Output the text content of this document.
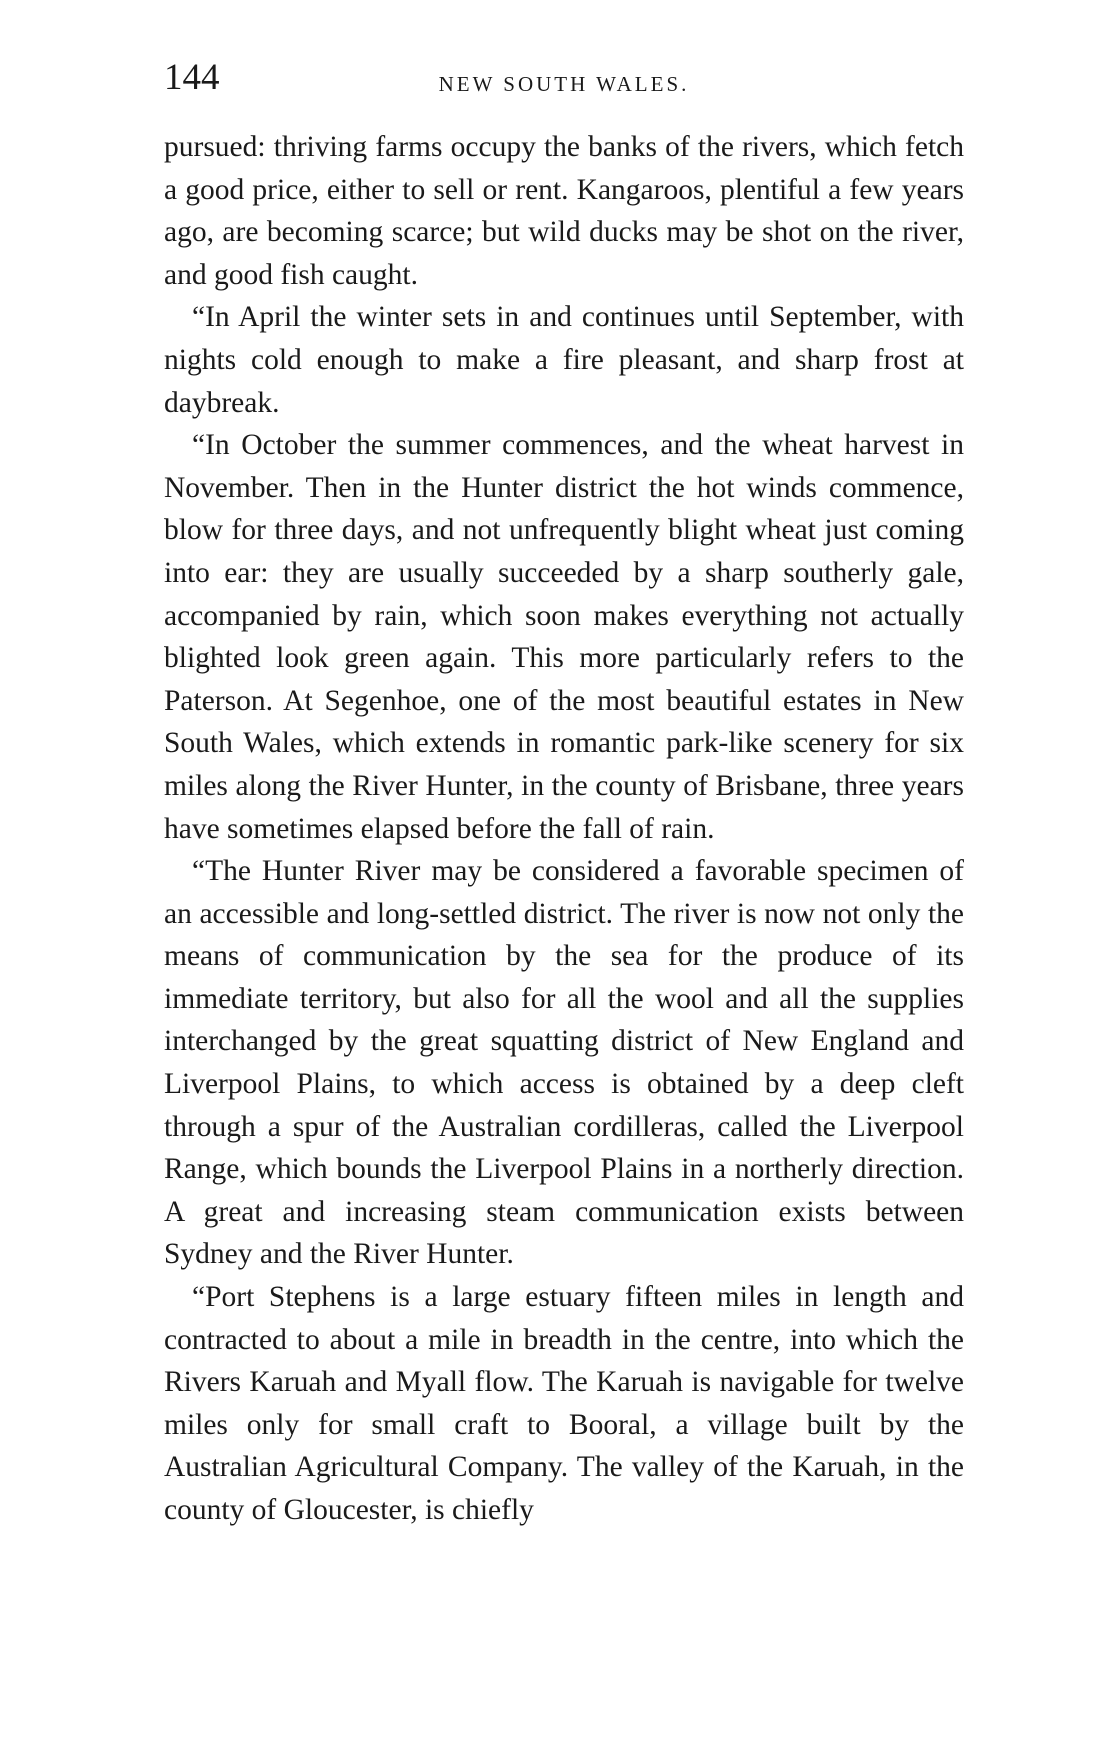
144	NEW SOUTH WALES.

pursued: thriving farms occupy the banks of the rivers, which fetch a good price, either to sell or rent. Kangaroos, plentiful a few years ago, are becoming scarce; but wild ducks may be shot on the river, and good fish caught.

“In April the winter sets in and continues until September, with nights cold enough to make a fire pleasant, and sharp frost at daybreak.

“In October the summer commences, and the wheat harvest in November. Then in the Hunter district the hot winds commence, blow for three days, and not unfrequently blight wheat just coming into ear: they are usually succeeded by a sharp southerly gale, accompanied by rain, which soon makes everything not actually blighted look green again. This more particularly refers to the Paterson. At Segenhoe, one of the most beautiful estates in New South Wales, which extends in romantic park-like scenery for six miles along the River Hunter, in the county of Brisbane, three years have sometimes elapsed before the fall of rain.

“The Hunter River may be considered a favorable specimen of an accessible and long-settled district. The river is now not only the means of communication by the sea for the produce of its immediate territory, but also for all the wool and all the supplies interchanged by the great squatting district of New England and Liverpool Plains, to which access is obtained by a deep cleft through a spur of the Australian cordilleras, called the Liverpool Range, which bounds the Liverpool Plains in a northerly direction. A great and increasing steam communication exists between Sydney and the River Hunter.

“Port Stephens is a large estuary fifteen miles in length and contracted to about a mile in breadth in the centre, into which the Rivers Karuah and Myall flow. The Karuah is navigable for twelve miles only for small craft to Booral, a village built by the Australian Agricultural Company. The valley of the Karuah, in the county of Gloucester, is chiefly
